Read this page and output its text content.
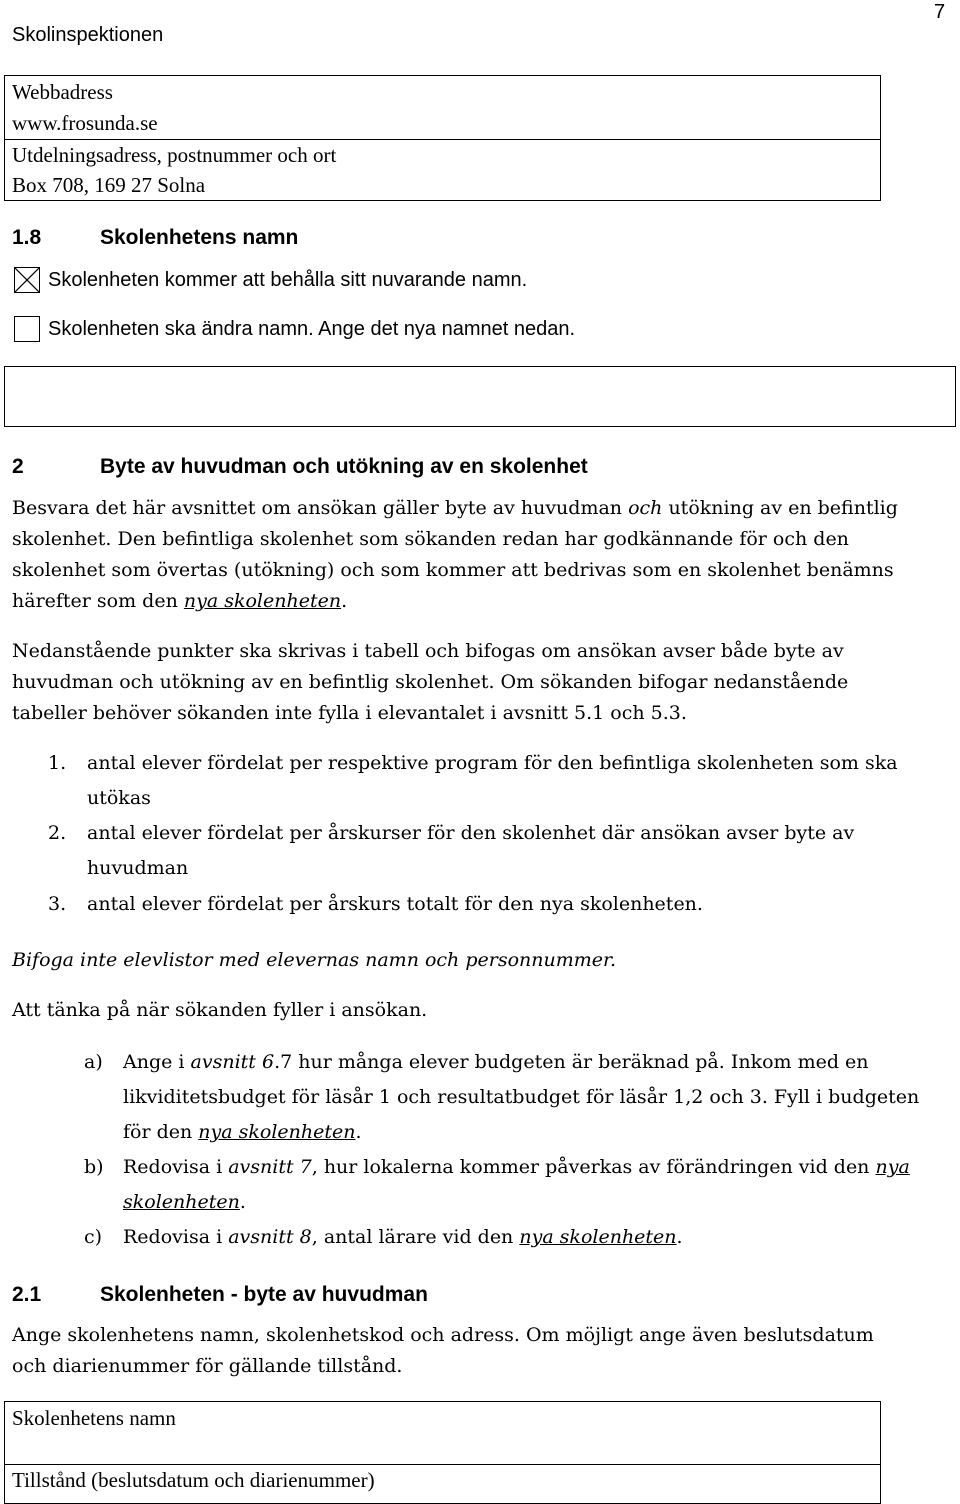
Skolinspektionen
7
Webbadress
www.frosunda.se
Utdelningsadress, postnummer och ort
Box 708, 169 27 Solna
1.8	Skolenhetens namn
Skolenheten kommer att behålla sitt nuvarande namn.
Skolenheten ska ändra namn. Ange det nya namnet nedan.
2	Byte av huvudman och utökning av en skolenhet
Besvara det här avsnittet om ansökan gäller byte av huvudman och utökning av en befintlig
skolenhet. Den befintliga skolenhet som sökanden redan har godkännande för och den
skolenhet som övertas (utökning) och som kommer att bedrivas som en skolenhet benämns
härefter som den nya skolenheten.
Nedanstående punkter ska skrivas i tabell och bifogas om ansökan avser både byte av
huvudman och utökning av en befintlig skolenhet. Om sökanden bifogar nedanstående
tabeller behöver sökanden inte fylla i elevantalet i avsnitt 5.1 och 5.3.
1. antal elever fördelat per respektive program för den befintliga skolenheten som ska
utökas
2. antal elever fördelat per årskurser för den skolenhet där ansökan avser byte av
huvudman
3. antal elever fördelat per årskurs totalt för den nya skolenheten.
Bifoga inte elevlistor med elevernas namn och personnummer.
Att tänka på när sökanden fyller i ansökan.
a) Ange i avsnitt 6.7 hur många elever budgeten är beräknad på. Inkom med en
likviditetsbudget för läsår 1 och resultatbudget för läsår 1,2 och 3. Fyll i budgeten
för den nya skolenheten.
b) Redovisa i avsnitt 7, hur lokalerna kommer påverkas av förändringen vid den nya
skolenheten.
c) Redovisa i avsnitt 8, antal lärare vid den nya skolenheten.
2.1	Skolenheten - byte av huvudman
Ange skolenhetens namn, skolenhetskod och adress. Om möjligt ange även beslutsdatum
och diarienummer för gällande tillstånd.
Skolenhetens namn
Tillstånd (beslutsdatum och diarienummer)
